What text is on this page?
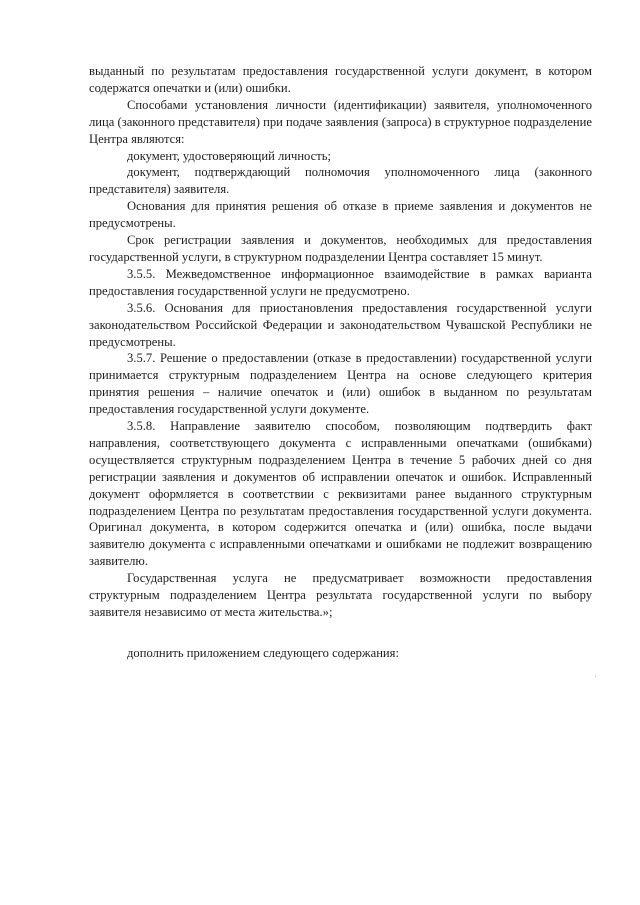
выданный по результатам предоставления государственной услуги документ, в котором содержатся опечатки и (или) ошибки.

Способами установления личности (идентификации) заявителя, уполномоченного лица (законного представителя) при подаче заявления (запроса) в структурное подразделение Центра являются:

документ, удостоверяющий личность;

документ, подтверждающий полномочия уполномоченного лица (законного представителя) заявителя.

Основания для принятия решения об отказе в приеме заявления и документов не предусмотрены.

Срок регистрации заявления и документов, необходимых для предоставления государственной услуги, в структурном подразделении Центра составляет 15 минут.

3.5.5. Межведомственное информационное взаимодействие в рамках варианта предоставления государственной услуги не предусмотрено.

3.5.6. Основания для приостановления предоставления государственной услуги законодательством Российской Федерации и законодательством Чувашской Республики не предусмотрены.

3.5.7. Решение о предоставлении (отказе в предоставлении) государственной услуги принимается структурным подразделением Центра на основе следующего критерия принятия решения – наличие опечаток и (или) ошибок в выданном по результатам предоставления государственной услуги документе.

3.5.8. Направление заявителю способом, позволяющим подтвердить факт направления, соответствующего документа с исправленными опечатками (ошибками) осуществляется структурным подразделением Центра в течение 5 рабочих дней со дня регистрации заявления и документов об исправлении опечаток и ошибок. Исправленный документ оформляется в соответствии с реквизитами ранее выданного структурным подразделением Центра по результатам предоставления государственной услуги документа. Оригинал документа, в котором содержится опечатка и (или) ошибка, после выдачи заявителю документа с исправленными опечатками и ошибками не подлежит возвращению заявителю.

Государственная услуга не предусматривает возможности предоставления структурным подразделением Центра результата государственной услуги по выбору заявителя независимо от места жительства.»;

дополнить приложением следующего содержания:
